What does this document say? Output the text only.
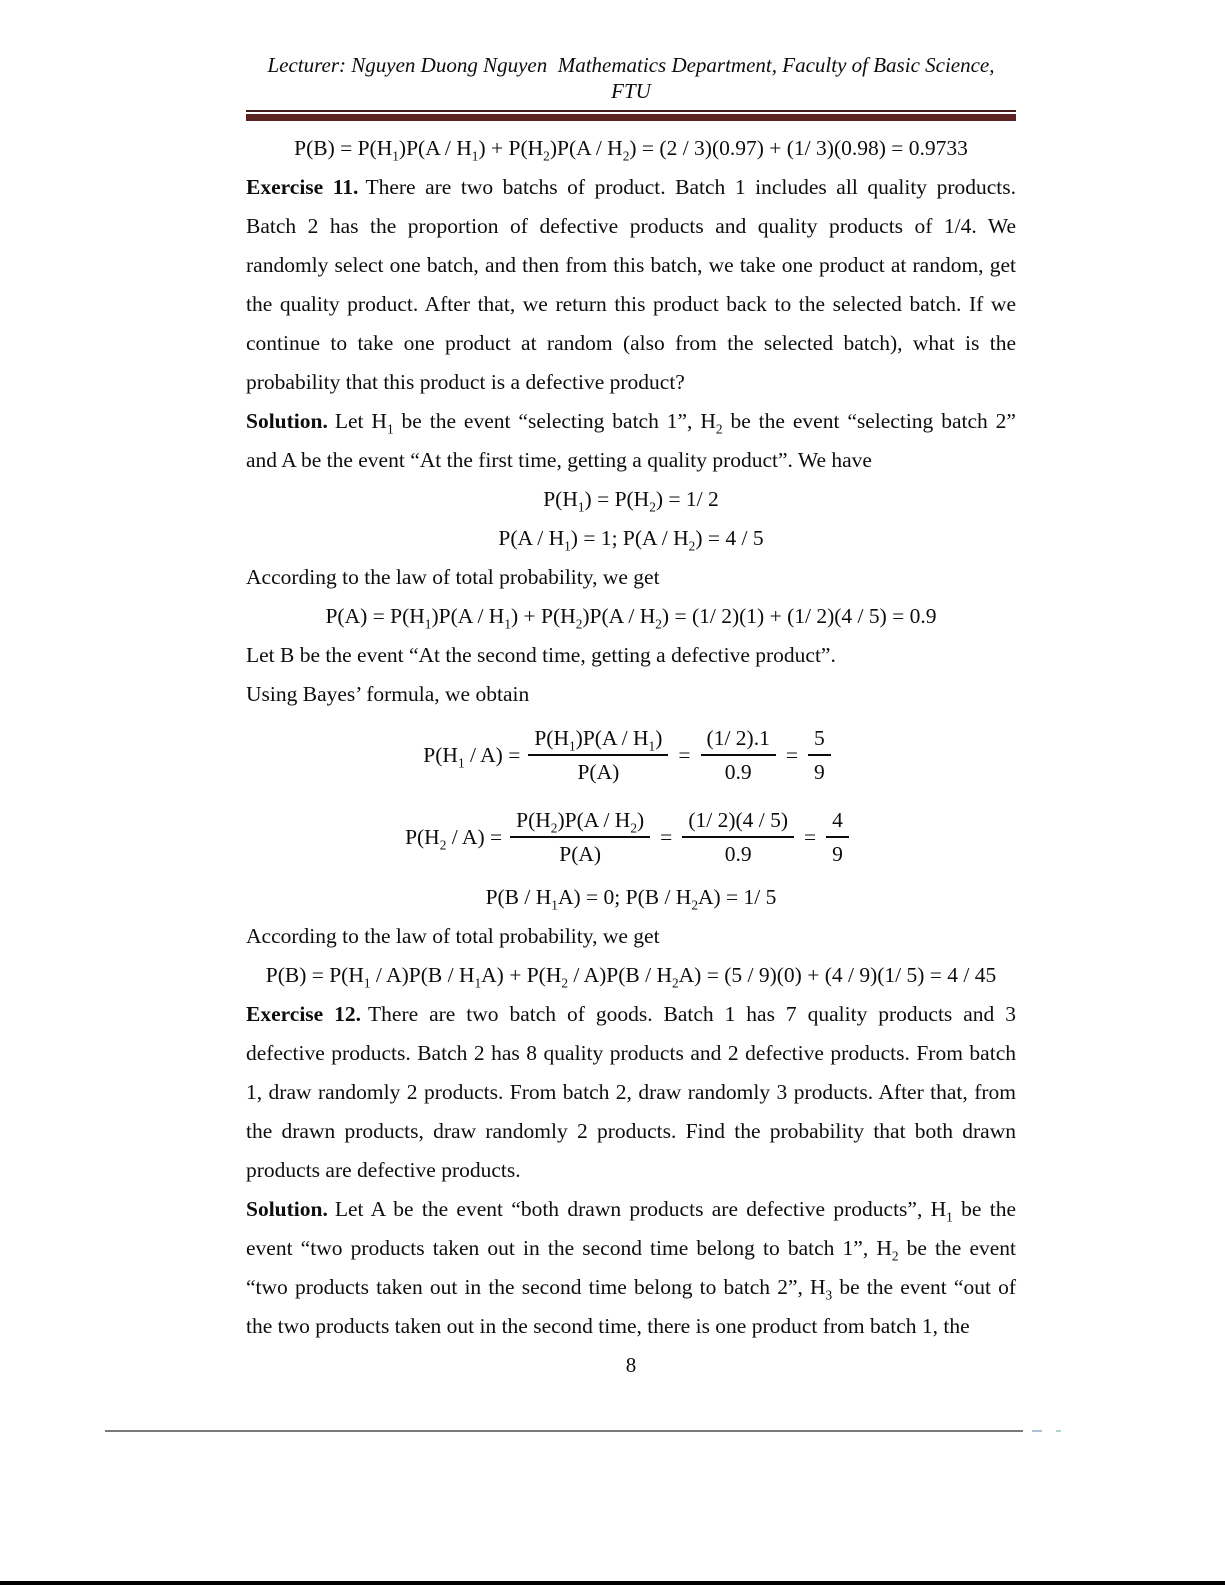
Lecturer: Nguyen Duong Nguyen  Mathematics Department, Faculty of Basic Science, FTU

$P(B) = P(H_1)P(A / H_1) + P(H_2)P(A / H_2) = (2 / 3)(0.97) + (1/$ 3)(0.98) = 0.9733

Exercise 11. There are two batchs of product. Batch 1 includes all quality products. Batch 2 has the proportion of defective products and quality products of 1/4. We randomly select one batch, and then from this batch, we take one product at random, get the quality product. After that, we return this product back to the selected batch. If we continue to take one product at random (also from the selected batch), what is the probability that this product is a defective product?

Solution. Let $H_1$ be the event “selecting batch 1”, $H_2$ be the event “selecting batch 2” and A be the event “At the first time, getting a quality product”. We have

$P(H_1) = P(H_2) = 1/$ 2

$P(A / H_1) = 1$; $P(A / H_2) = 4 / 5$

According to the law of total probability, we get

$P(A) = P(H_1)P(A / H_1) + P(H_2)P(A / H_2) = (1/$ 2)(1) + (1/ 2)(4 / 5) = 0.9

Let B be the event “At the second time, getting a defective product”.

Using Bayes’ formula, we obtain

$P(H_1 / A) = \frac{P(H_1)P(A / H_1)}{P(A)} = \frac{(1/ 2).1}{0.9} = \frac{5}{9}$
$P(H_2 / A) = \frac{P(H_2)P(A / H_2)}{P(A)} = \frac{(1/ 2)(4 / 5)}{0.9} = \frac{4}{9}$

$P(B / H_1A) = 0$; $P(B / H_2A) = 1/$ 5

According to the law of total probability, we get

$P(B) = P(H_1 / A)P(B / H_1A) + P(H_2 / A)P(B / H_2A) = (5 / 9)(0) + (4 / 9)(1/$ 5) = 4 / 45

Exercise 12. There are two batch of goods. Batch 1 has 7 quality products and 3 defective products. Batch 2 has 8 quality products and 2 defective products. From batch 1, draw randomly 2 products. From batch 2, draw randomly 3 products. After that, from the drawn products, draw randomly 2 products. Find the probability that both drawn products are defective products.

Solution. Let A be the event “both drawn products are defective products”, $H_1$ be the event “two products taken out in the second time belong to batch 1”, $H_2$ be the event “two products taken out in the second time belong to batch 2”, $H_3$ be the event “out of the two products taken out in the second time, there is one product from batch 1, the

8
